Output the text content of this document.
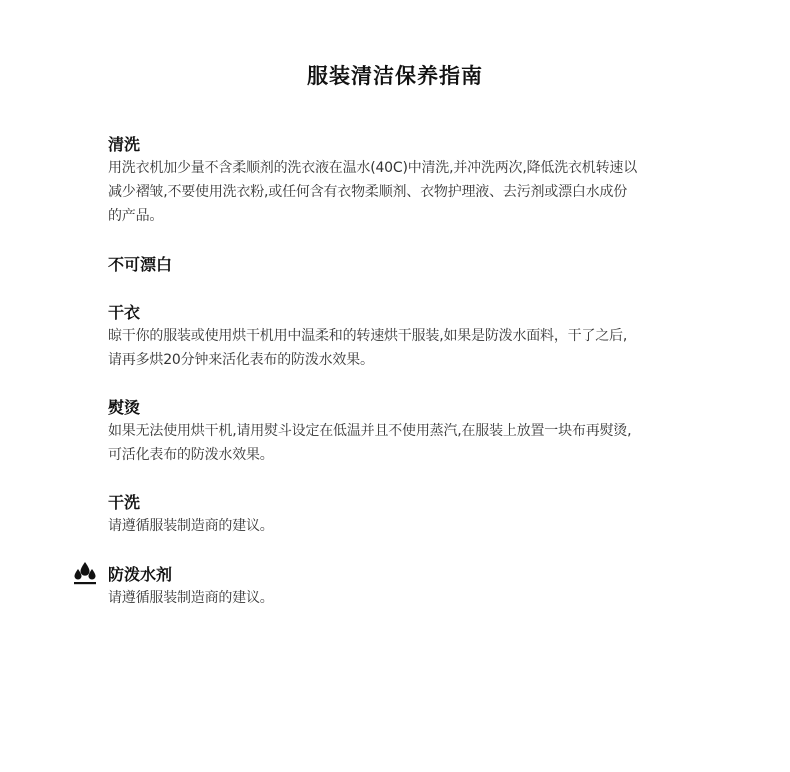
服装清洁保养指南
清洗
用洗衣机加少量不含柔顺剂的洗衣液在温水(40C)中清洗,并冲洗两次,降低洗衣机转速以
减少褶皱,不要使用洗衣粉,或任何含有衣物柔顺剂、衣物护理液、去污剂或漂白水成份
的产品。
不可漂白
干衣
晾干你的服装或使用烘干机用中温柔和的转速烘干服装,如果是防泼水面料，干了之后,
请再多烘20分钟来活化表布的防泼水效果。
熨烫
如果无法使用烘干机,请用熨斗设定在低温并且不使用蒸汽,在服装上放置一块布再熨烫,
可活化表布的防泼水效果。
干洗
请遵循服装制造商的建议。
防泼水剂
请遵循服装制造商的建议。
